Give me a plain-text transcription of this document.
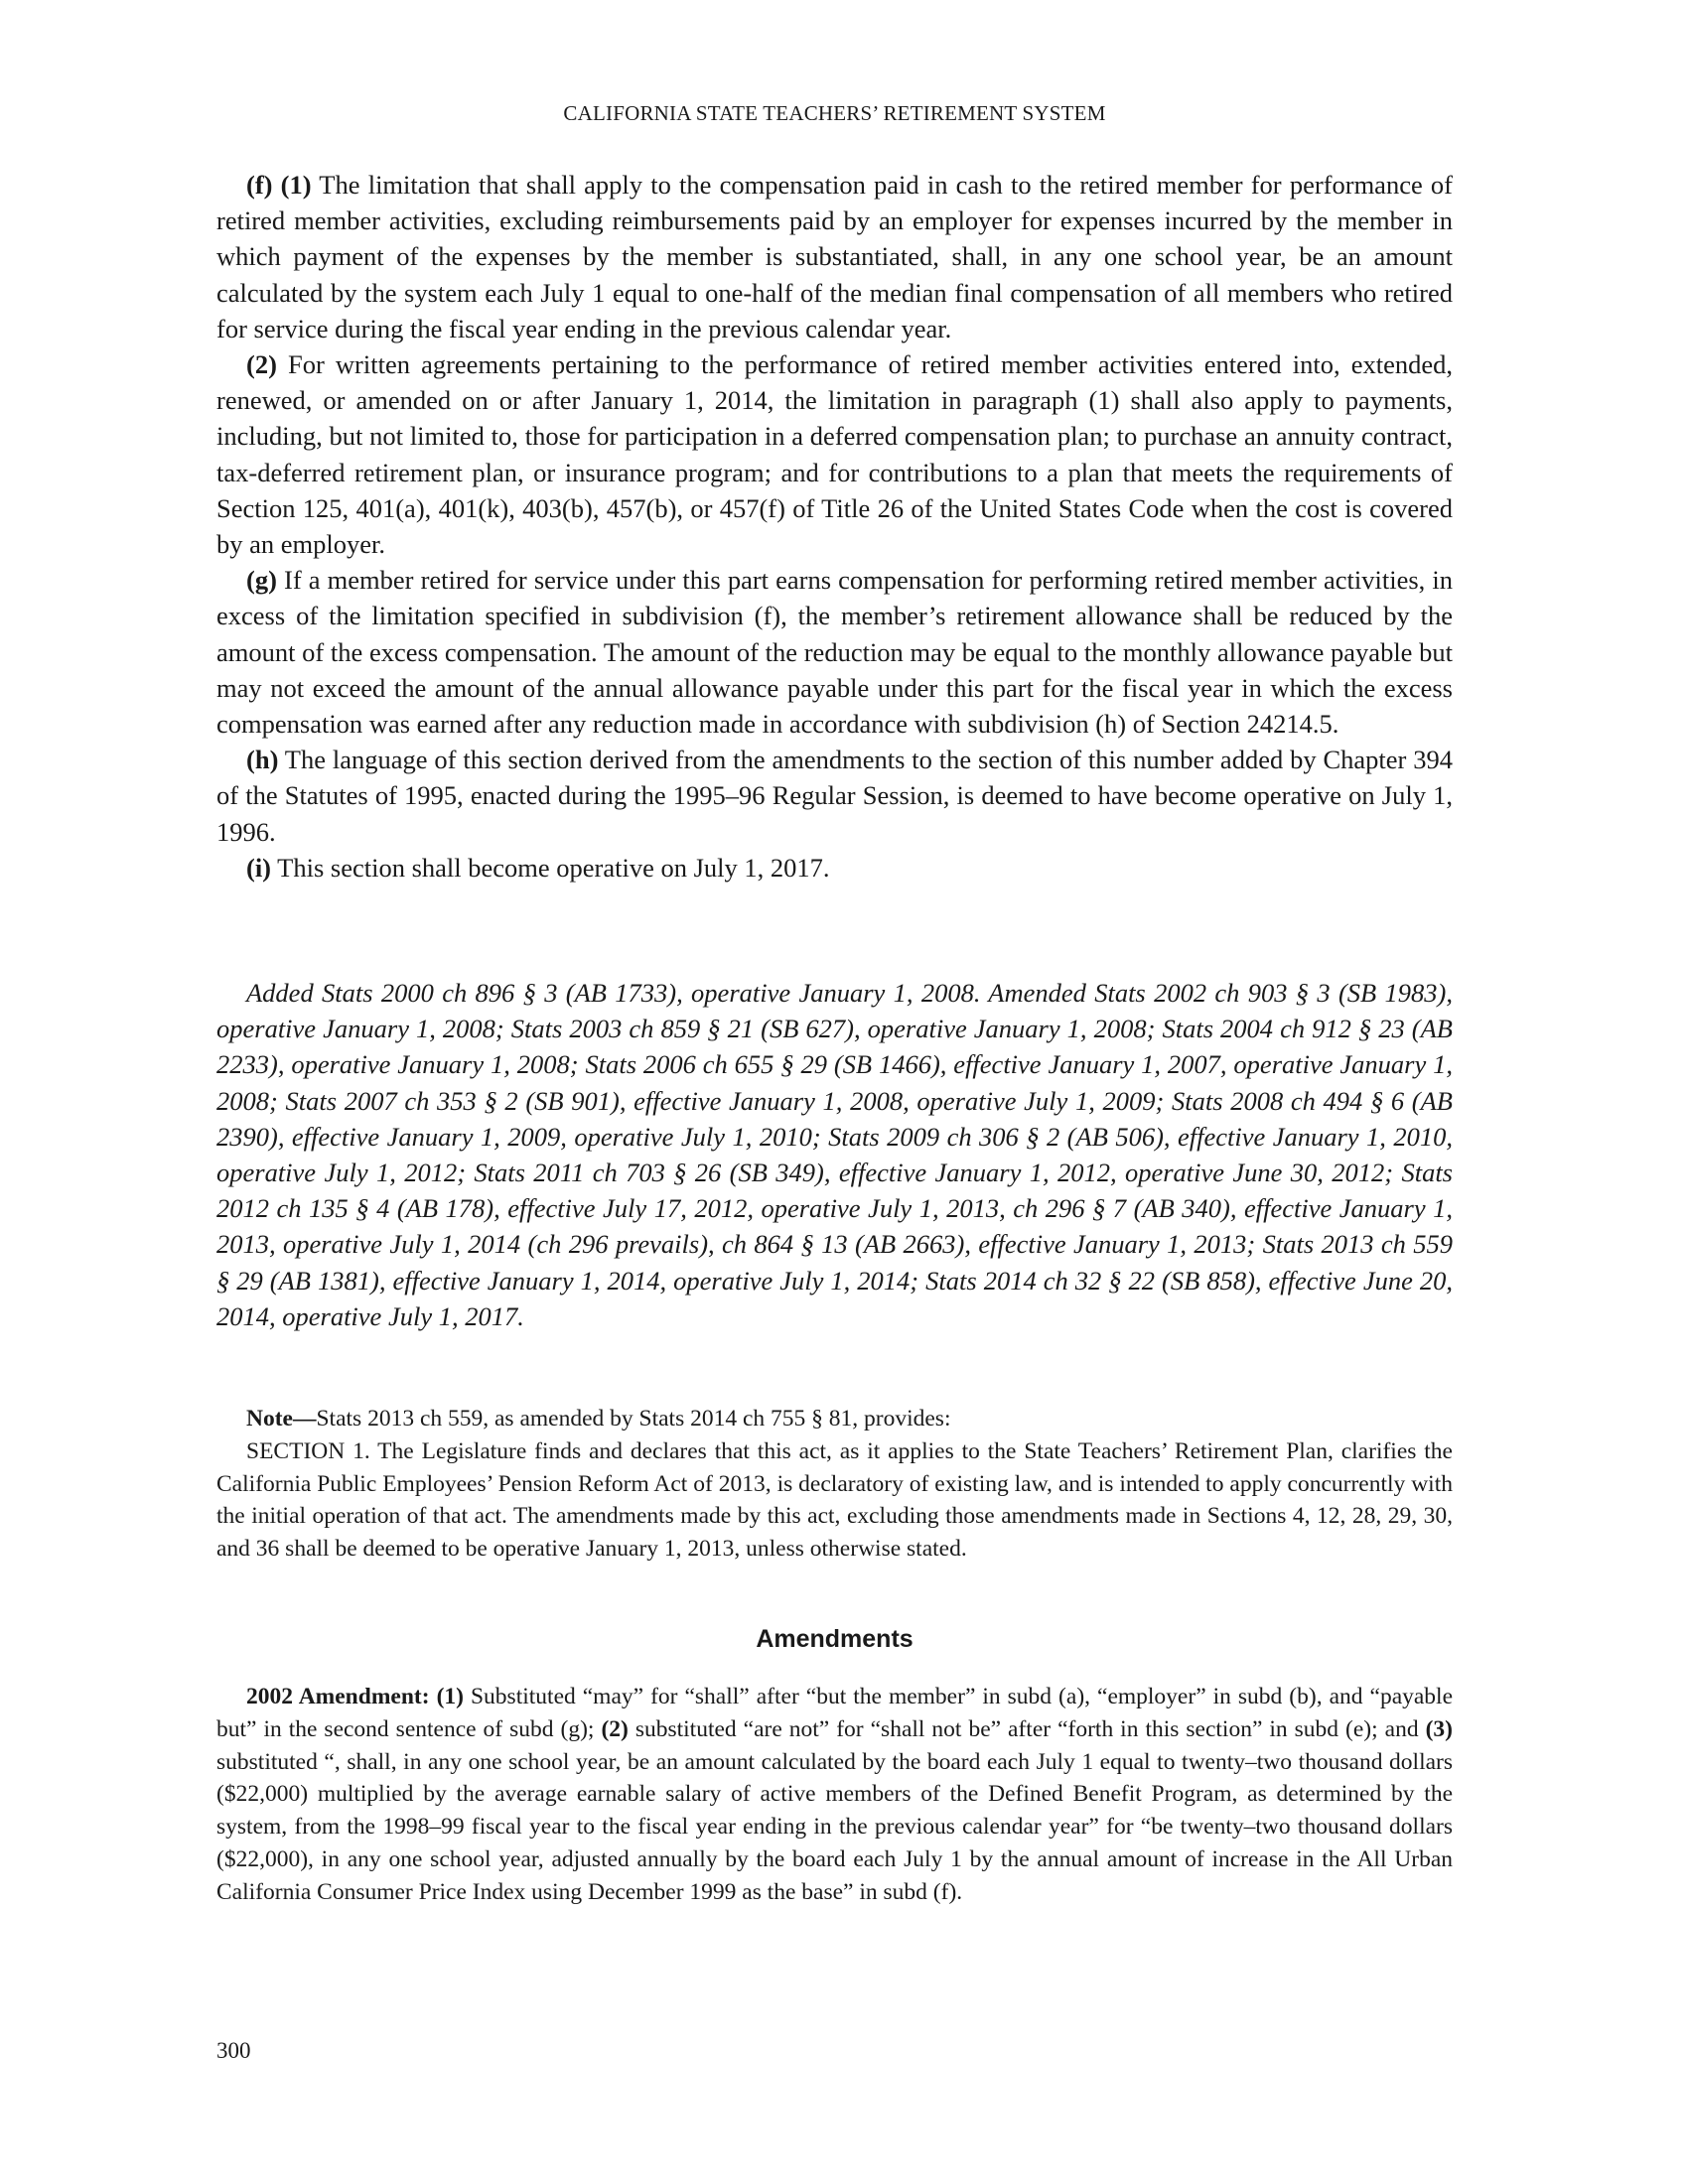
CALIFORNIA STATE TEACHERS’ RETIREMENT SYSTEM

(f) (1) The limitation that shall apply to the compensation paid in cash to the retired member for performance of retired member activities, excluding reimbursements paid by an employer for expenses incurred by the member in which payment of the expenses by the member is substantiated, shall, in any one school year, be an amount calculated by the system each July 1 equal to one-half of the median final compensation of all members who retired for service during the fiscal year ending in the previous calendar year.

(2) For written agreements pertaining to the performance of retired member activities entered into, extended, renewed, or amended on or after January 1, 2014, the limitation in paragraph (1) shall also apply to payments, including, but not limited to, those for participation in a deferred compensation plan; to purchase an annuity contract, tax-deferred retirement plan, or insurance program; and for contributions to a plan that meets the requirements of Section 125, 401(a), 401(k), 403(b), 457(b), or 457(f) of Title 26 of the United States Code when the cost is covered by an employer.

(g) If a member retired for service under this part earns compensation for performing retired member activities, in excess of the limitation specified in subdivision (f), the member’s retirement allowance shall be reduced by the amount of the excess compensation. The amount of the reduction may be equal to the monthly allowance payable but may not exceed the amount of the annual allowance payable under this part for the fiscal year in which the excess compensation was earned after any reduction made in accordance with subdivision (h) of Section 24214.5.

(h) The language of this section derived from the amendments to the section of this number added by Chapter 394 of the Statutes of 1995, enacted during the 1995–96 Regular Session, is deemed to have become operative on July 1, 1996.

(i) This section shall become operative on July 1, 2017.

Added Stats 2000 ch 896 § 3 (AB 1733), operative January 1, 2008. Amended Stats 2002 ch 903 § 3 (SB 1983), operative January 1, 2008; Stats 2003 ch 859 § 21 (SB 627), operative January 1, 2008; Stats 2004 ch 912 § 23 (AB 2233), operative January 1, 2008; Stats 2006 ch 655 § 29 (SB 1466), effective January 1, 2007, operative January 1, 2008; Stats 2007 ch 353 § 2 (SB 901), effective January 1, 2008, operative July 1, 2009; Stats 2008 ch 494 § 6 (AB 2390), effective January 1, 2009, operative July 1, 2010; Stats 2009 ch 306 § 2 (AB 506), effective January 1, 2010, operative July 1, 2012; Stats 2011 ch 703 § 26 (SB 349), effective January 1, 2012, operative June 30, 2012; Stats 2012 ch 135 § 4 (AB 178), effective July 17, 2012, operative July 1, 2013, ch 296 § 7 (AB 340), effective January 1, 2013, operative July 1, 2014 (ch 296 prevails), ch 864 § 13 (AB 2663), effective January 1, 2013; Stats 2013 ch 559 § 29 (AB 1381), effective January 1, 2014, operative July 1, 2014; Stats 2014 ch 32 § 22 (SB 858), effective June 20, 2014, operative July 1, 2017.

Note—Stats 2013 ch 559, as amended by Stats 2014 ch 755 § 81, provides:

SECTION 1. The Legislature finds and declares that this act, as it applies to the State Teachers’ Retirement Plan, clarifies the California Public Employees’ Pension Reform Act of 2013, is declaratory of existing law, and is intended to apply concurrently with the initial operation of that act. The amendments made by this act, excluding those amendments made in Sections 4, 12, 28, 29, 30, and 36 shall be deemed to be operative January 1, 2013, unless otherwise stated.

Amendments

2002 Amendment: (1) Substituted “may” for “shall” after “but the member” in subd (a), “employer” in subd (b), and “payable but” in the second sentence of subd (g); (2) substituted “are not” for “shall not be” after “forth in this section” in subd (e); and (3) substituted “, shall, in any one school year, be an amount calculated by the board each July 1 equal to twenty–two thousand dollars ($22,000) multiplied by the average earnable salary of active members of the Defined Benefit Program, as determined by the system, from the 1998–99 fiscal year to the fiscal year ending in the previous calendar year” for “be twenty–two thousand dollars ($22,000), in any one school year, adjusted annually by the board each July 1 by the annual amount of increase in the All Urban California Consumer Price Index using December 1999 as the base” in subd (f).

300
